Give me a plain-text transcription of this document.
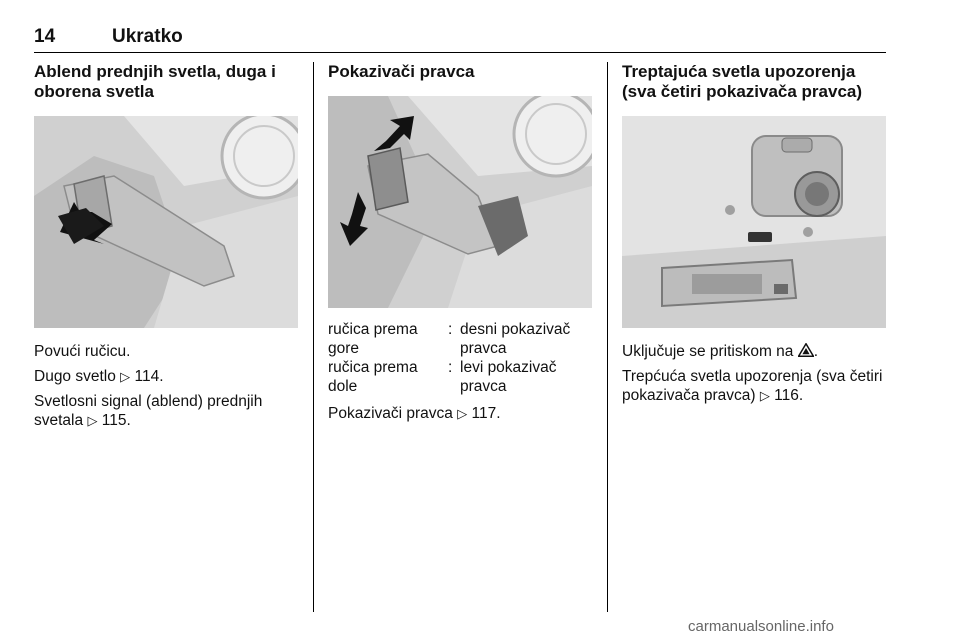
14	Ukratko
Ablend prednjih svetla, duga i
oborena svetla

Povući ručicu.

Dugo svetlo ▷ 114.

Svetlosni signal (ablend) prednjih svetala ▷ 115.

Pokazivači pravca
ručica prema gore
: desni pokazivač pravca
ručica prema dole
: levi pokazivač pravca

Pokazivači pravca ▷ 117.

Treptajuća svetla upozorenja
(sva četiri pokazivača pravca)

Uključuje se pritiskom na .

Trepćuća svetla upozorenja (sva četiri pokazivača pravca) ▷ 116.

carmanualsonline.info
